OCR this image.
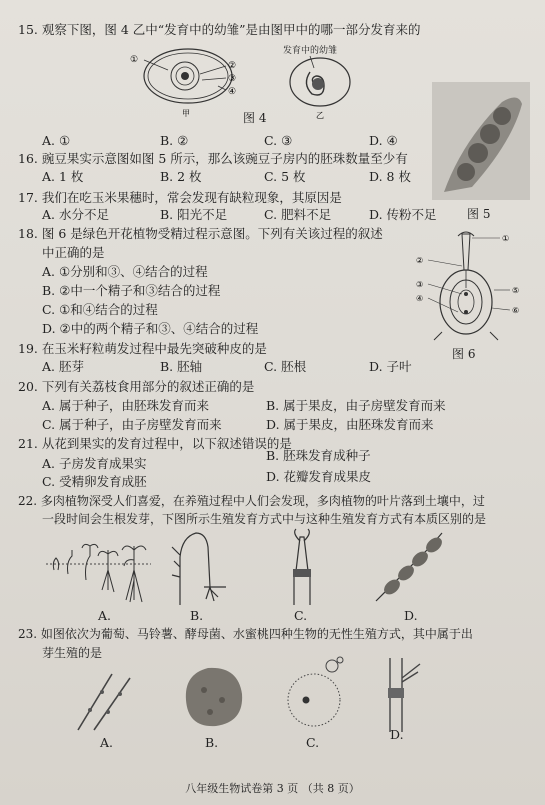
15. 观察下图，图 4 乙中“发育中的幼雏”是由图甲中的哪一部分发育来的
①
②
③
④
甲
发育中的幼雏
图 4	乙
A. ①	B. ②	C. ③	D. ④
16. 豌豆果实示意图如图 5 所示，那么该豌豆子房内的胚珠数量至少有
A. 1 枚	B. 2 枚	C. 5 枚	D. 8 枚
17. 我们在吃玉米果穗时，常会发现有缺粒现象，其原因是
A. 水分不足	B. 阳光不足	C. 肥料不足	D. 传粉不足	图 5
18. 图 6 是绿色开花植物受精过程示意图。下列有关该过程的叙述
中正确的是
A. ①分别和③、④结合的过程
B. ②中一个精子和③结合的过程
C. ①和④结合的过程
D. ②中的两个精子和③、④结合的过程
①
②
③
④
⑤
⑥
图 6
19. 在玉米籽粒萌发过程中最先突破种皮的是
A. 胚芽	B. 胚轴	C. 胚根	D. 子叶
20. 下列有关荔枝食用部分的叙述正确的是
A. 属于种子，由胚珠发育而来	B. 属于果皮，由子房壁发育而来
C. 属于种子，由子房壁发育而来	D. 属于果皮，由胚珠发育而来
21. 从花到果实的发育过程中，以下叙述错误的是
A. 子房发育成果实
B. 胚珠发育成种子
C. 受精卵发育成胚	D. 花瓣发育成果皮
22. 多肉植物深受人们喜爱，在养殖过程中人们会发现，多肉植物的叶片落到土壤中，过
一段时间会生根发芽，下图所示生殖发育方式中与这种生殖发育方式有本质区别的是
A.	B.	C.	D.
23. 如图依次为葡萄、马铃薯、酵母菌、水蜜桃四种生物的无性生殖方式，其中属于出
芽生殖的是
A.	B.	C.
D.
八年级生物试卷第 3 页 （共 8 页）
